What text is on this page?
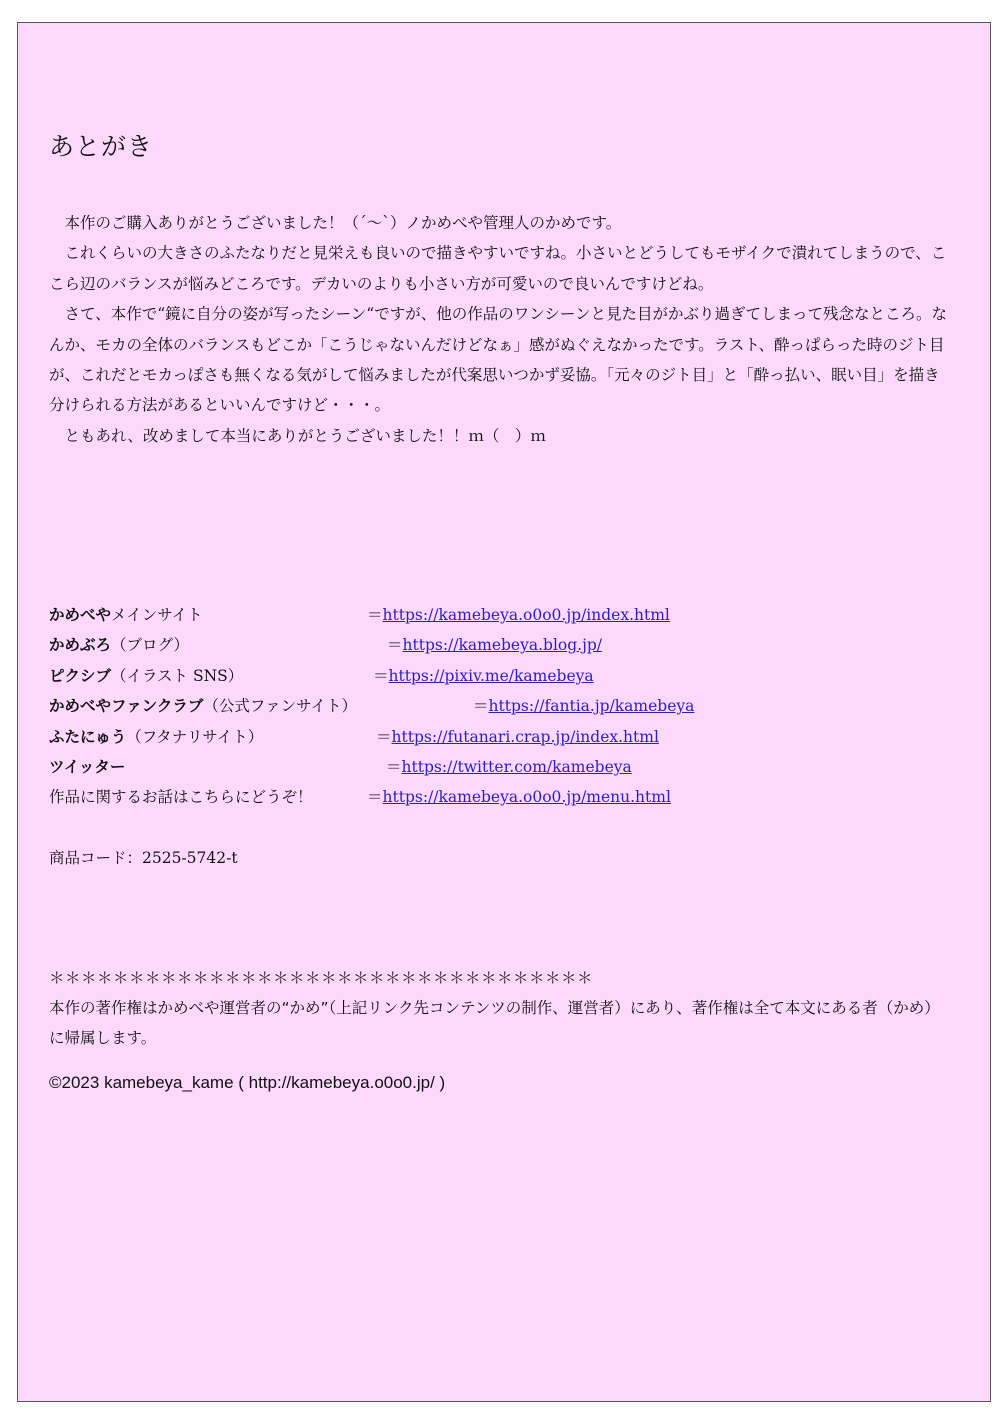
あとがき

　本作のご購入ありがとうございました！（´～`）ノかめべや管理人のかめです。

　これくらいの大きさのふたなりだと見栄えも良いので描きやすいですね。小さいとどうしてもモザイクで潰れてしまうので、ここら辺のバランスが悩みどころです。デカいのよりも小さい方が可愛いので良いんですけどね。

　さて、本作で“鏡に自分の姿が写ったシーン“ですが、他の作品のワンシーンと見た目がかぶり過ぎてしまって残念なところ。なんか、モカの全体のバランスもどこか「こうじゃないんだけどなぁ」感がぬぐえなかったです。ラスト、酔っぱらった時のジト目が、これだとモカっぽさも無くなる気がして悩みましたが代案思いつかず妥協。「元々のジト目」と「酔っ払い、眠い目」を描き分けられる方法があるといいんですけど・・・。

　ともあれ、改めまして本当にありがとうございました！！ｍ（　）ｍ

かめべやメインサイト	＝https://kamebeya.o0o0.jp/index.html
かめぶろ（ブログ）	＝https://kamebeya.blog.jp/
ピクシブ（イラスト SNS）	＝https://pixiv.me/kamebeya
かめべやファンクラブ（公式ファンサイト）	＝https://fantia.jp/kamebeya
ふたにゅう（フタナリサイト）	＝https://futanari.crap.jp/index.html
ツイッター	＝https://twitter.com/kamebeya
作品に関するお話はこちらにどうぞ！	＝https://kamebeya.o0o0.jp/menu.html
商品コード：2525-5742-t
＊＊＊＊＊＊＊＊＊＊＊＊＊＊＊＊＊＊＊＊＊＊＊＊＊＊＊＊＊＊＊＊＊＊
本作の著作権はかめべや運営者の“かめ”（上記リンク先コンテンツの制作、運営者）にあり、著作権は全て本文にある者（かめ）に帰属します。
©2023 kamebeya_kame ( http://kamebeya.o0o0.jp/ )
